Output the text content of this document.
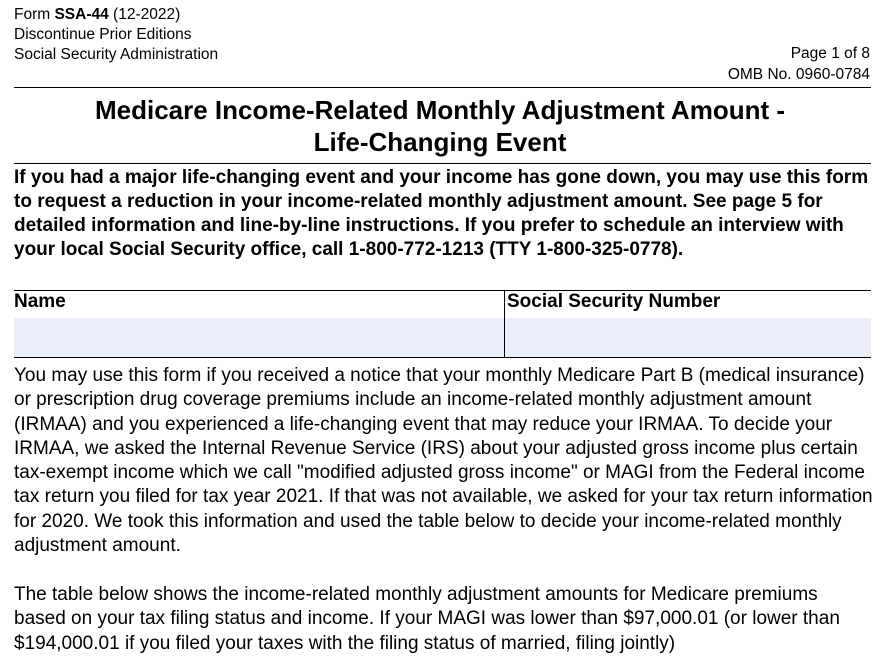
Form SSA-44 (12-2022)
Discontinue Prior Editions
Social Security Administration	Page 1 of 8
OMB No. 0960-0784
Medicare Income-Related Monthly Adjustment Amount -
Life-Changing Event

If you had a major life-changing event and your income has gone down, you may use this form to request a reduction in your income-related monthly adjustment amount. See page 5 for detailed information and line-by-line instructions. If you prefer to schedule an interview with your local Social Security office, call 1-800-772-1213 (TTY 1-800-325-0778).

Name	Social Security Number

You may use this form if you received a notice that your monthly Medicare Part B (medical insurance) or prescription drug coverage premiums include an income-related monthly adjustment amount (IRMAA) and you experienced a life-changing event that may reduce your IRMAA. To decide your IRMAA, we asked the Internal Revenue Service (IRS) about your adjusted gross income plus certain tax-exempt income which we call "modified adjusted gross income" or MAGI from the Federal income tax return you filed for tax year 2021. If that was not available, we asked for your tax return information for 2020. We took this information and used the table below to decide your income-related monthly adjustment amount.

The table below shows the income-related monthly adjustment amounts for Medicare premiums based on your tax filing status and income. If your MAGI was lower than $97,000.01 (or lower than $194,000.01 if you filed your taxes with the filing status of married, filing jointly)
